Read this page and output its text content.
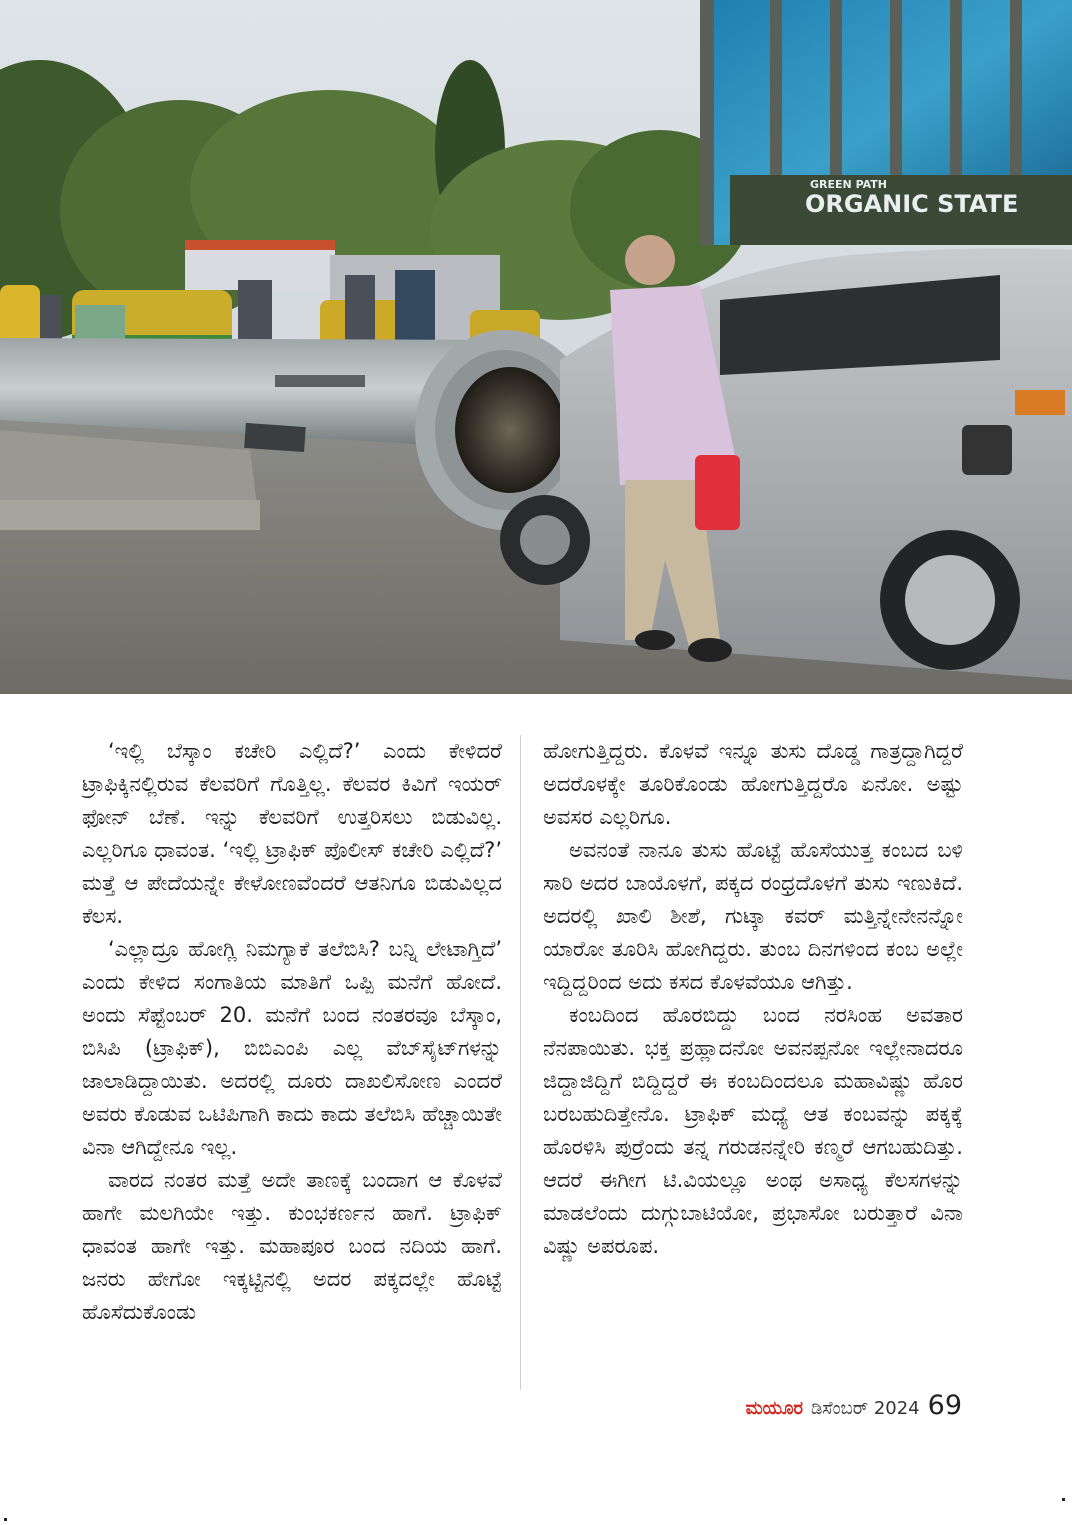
ORGANIC STATE
GREEN PATH

‘ಇಲ್ಲಿ ಬೆಸ್ಕಾಂ ಕಚೇರಿ ಎಲ್ಲಿದೆ?’ ಎಂದು ಕೇಳಿದರೆ ಟ್ರಾಫಿಕ್ಕಿನಲ್ಲಿರುವ ಕೆಲವರಿಗೆ ಗೊತ್ತಿಲ್ಲ. ಕೆಲವರ ಕಿವಿಗೆ ಇಯರ್ ಫೋನ್ ಬೆಣೆ. ಇನ್ನು ಕೆಲವರಿಗೆ ಉತ್ತರಿಸಲು ಬಿಡುವಿಲ್ಲ. ಎಲ್ಲರಿಗೂ ಧಾವಂತ. ‘ಇಲ್ಲಿ ಟ್ರಾಫಿಕ್ ಪೊಲೀಸ್ ಕಚೇರಿ ಎಲ್ಲಿದೆ?’ ಮತ್ತೆ ಆ ಪೇದೆಯನ್ನೇ ಕೇಳೋಣವೆಂದರೆ ಆತನಿಗೂ ಬಿಡುವಿಲ್ಲದ ಕೆಲಸ.

‘ಎಲ್ಲಾದ್ರೂ ಹೋಗ್ಲಿ ನಿಮಗ್ಯಾಕೆ ತಲೆಬಿಸಿ? ಬನ್ನಿ ಲೇಟಾಗ್ತಿದೆ’ ಎಂದು ಕೇಳಿದ ಸಂಗಾತಿಯ ಮಾತಿಗೆ ಒಪ್ಪಿ ಮನೆಗೆ ಹೋದೆ. ಅಂದು ಸೆಪ್ಟೆಂಬರ್ 20. ಮನೆಗೆ ಬಂದ ನಂತರವೂ ಬೆಸ್ಕಾಂ, ಬಿಸಿಪಿ (ಟ್ರಾಫಿಕ್), ಬಿಬಿಎಂಪಿ ಎಲ್ಲ ವೆಬ್‌ಸೈಟ್‌ಗಳನ್ನು ಜಾಲಾಡಿದ್ದಾಯಿತು. ಅದರಲ್ಲಿ ದೂರು ದಾಖಲಿಸೋಣ ಎಂದರೆ ಅವರು ಕೊಡುವ ಒಟಿಪಿಗಾಗಿ ಕಾದು ಕಾದು ತಲೆಬಿಸಿ ಹೆಚ್ಚಾಯಿತೇ ವಿನಾ ಆಗಿದ್ದೇನೂ ಇಲ್ಲ.

ವಾರದ ನಂತರ ಮತ್ತೆ ಅದೇ ತಾಣಕ್ಕೆ ಬಂದಾಗ ಆ ಕೊಳವೆ ಹಾಗೇ ಮಲಗಿಯೇ ಇತ್ತು. ಕುಂಭಕರ್ಣನ ಹಾಗೆ. ಟ್ರಾಫಿಕ್ ಧಾವಂತ ಹಾಗೇ ಇತ್ತು. ಮಹಾಪೂರ ಬಂದ ನದಿಯ ಹಾಗೆ. ಜನರು ಹೇಗೋ ಇಕ್ಕಟ್ಟಿನಲ್ಲಿ ಅದರ ಪಕ್ಕದಲ್ಲೇ ಹೊಟ್ಟೆ ಹೊಸೆದುಕೊಂಡು

ಹೋಗುತ್ತಿದ್ದರು. ಕೊಳವೆ ಇನ್ನೂ ತುಸು ದೊಡ್ಡ ಗಾತ್ರದ್ದಾಗಿದ್ದರೆ ಅದರೊಳಕ್ಕೇ ತೂರಿಕೊಂಡು ಹೋಗುತ್ತಿದ್ದರೊ ಏನೋ. ಅಷ್ಟು ಅವಸರ ಎಲ್ಲರಿಗೂ.

ಅವನಂತೆ ನಾನೂ ತುಸು ಹೊಟ್ಟೆ ಹೊಸೆಯುತ್ತ ಕಂಬದ ಬಳಿ ಸಾರಿ ಅದರ ಬಾಯೊಳಗೆ, ಪಕ್ಕದ ರಂಧ್ರದೊಳಗೆ ತುಸು ಇಣುಕಿದೆ. ಅದರಲ್ಲಿ ಖಾಲಿ ಶೀಶೆ, ಗುಟ್ಕಾ ಕವರ್ ಮತ್ತಿನ್ನೇನೇನನ್ನೋ ಯಾರೋ ತೂರಿಸಿ ಹೋಗಿದ್ದರು. ತುಂಬ ದಿನಗಳಿಂದ ಕಂಬ ಅಲ್ಲೇ ಇದ್ದಿದ್ದರಿಂದ ಅದು ಕಸದ ಕೊಳವೆಯೂ ಆಗಿತ್ತು.

ಕಂಬದಿಂದ ಹೊರಬಿದ್ದು ಬಂದ ನರಸಿಂಹ ಅವತಾರ ನೆನಪಾಯಿತು. ಭಕ್ತ ಪ್ರಹ್ಲಾದನೋ ಅವನಪ್ಪನೋ ಇಲ್ಲೇನಾದರೂ ಜಿದ್ದಾಜಿದ್ದಿಗೆ ಬಿದ್ದಿದ್ದರೆ ಈ ಕಂಬದಿಂದಲೂ ಮಹಾವಿಷ್ಣು ಹೊರ ಬರಬಹುದಿತ್ತೇನೊ. ಟ್ರಾಫಿಕ್ ಮಧ್ಯೆ ಆತ ಕಂಬವನ್ನು ಪಕ್ಕಕ್ಕೆ ಹೊರಳಿಸಿ ಪುರ್ರೆಂದು ತನ್ನ ಗರುಡನನ್ನೇರಿ ಕಣ್ಮರೆ ಆಗಬಹುದಿತ್ತು. ಆದರೆ ಈಗೀಗ ಟಿ.ವಿಯಲ್ಲೂ ಅಂಥ ಅಸಾಧ್ಯ ಕೆಲಸಗಳನ್ನು ಮಾಡಲೆಂದು ದುಗ್ಗುಬಾಟಿಯೋ, ಪ್ರಭಾಸೋ ಬರುತ್ತಾರೆ ವಿನಾ ವಿಷ್ಣು ಅಪರೂಪ.

ಮಯೂರ ಡಿಸೆಂಬರ್ 2024 69
